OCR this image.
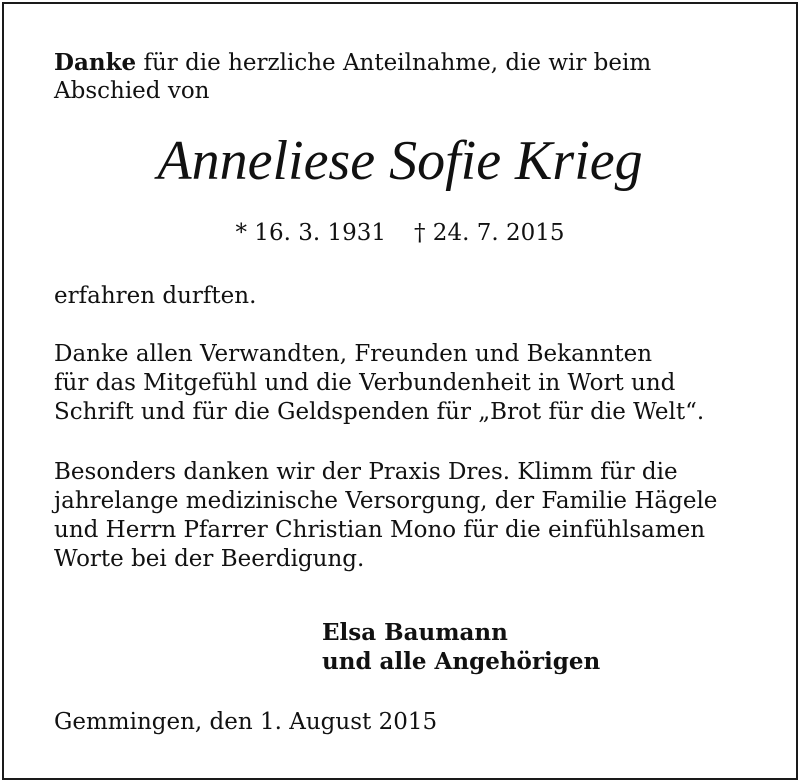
Danke für die herzliche Anteilnahme, die wir beim
Abschied von
Anneliese Sofie Krieg
* 16. 3. 1931 † 24. 7. 2015
erfahren durften.
Danke allen Verwandten, Freunden und Bekannten
für das Mitgefühl und die Verbundenheit in Wort und
Schrift und für die Geldspenden für „Brot für die Welt“.
Besonders danken wir der Praxis Dres. Klimm für die
jahrelange medizinische Versorgung, der Familie Hägele
und Herrn Pfarrer Christian Mono für die einfühlsamen
Worte bei der Beerdigung.
Elsa Baumann
und alle Angehörigen
Gemmingen, den 1. August 2015
